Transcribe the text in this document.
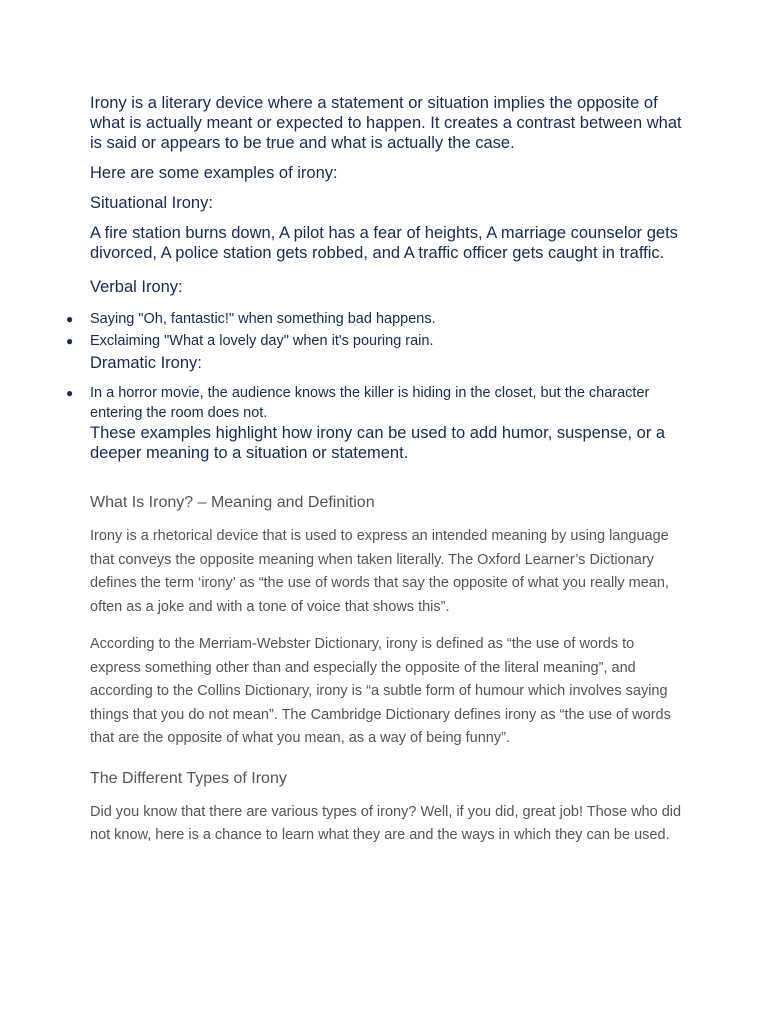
Irony is a literary device where a statement or situation implies the opposite of what is actually meant or expected to happen. It creates a contrast between what is said or appears to be true and what is actually the case.

Here are some examples of irony:

Situational Irony:

A fire station burns down, A pilot has a fear of heights, A marriage counselor gets divorced, A police station gets robbed, and A traffic officer gets caught in traffic.

Verbal Irony:

● Saying "Oh, fantastic!" when something bad happens.
● Exclaiming "What a lovely day" when it's pouring rain.

Dramatic Irony:

● In a horror movie, the audience knows the killer is hiding in the closet, but the character entering the room does not.

These examples highlight how irony can be used to add humor, suspense, or a deeper meaning to a situation or statement.

What Is Irony? – Meaning and Definition

Irony is a rhetorical device that is used to express an intended meaning by using language that conveys the opposite meaning when taken literally. The Oxford Learner’s Dictionary defines the term ‘irony’ as “the use of words that say the opposite of what you really mean, often as a joke and with a tone of voice that shows this”.

According to the Merriam-Webster Dictionary, irony is defined as “the use of words to express something other than and especially the opposite of the literal meaning”, and according to the Collins Dictionary, irony is “a subtle form of humour which involves saying things that you do not mean”. The Cambridge Dictionary defines irony as “the use of words that are the opposite of what you mean, as a way of being funny”.

The Different Types of Irony

Did you know that there are various types of irony? Well, if you did, great job! Those who did not know, here is a chance to learn what they are and the ways in which they can be used.
